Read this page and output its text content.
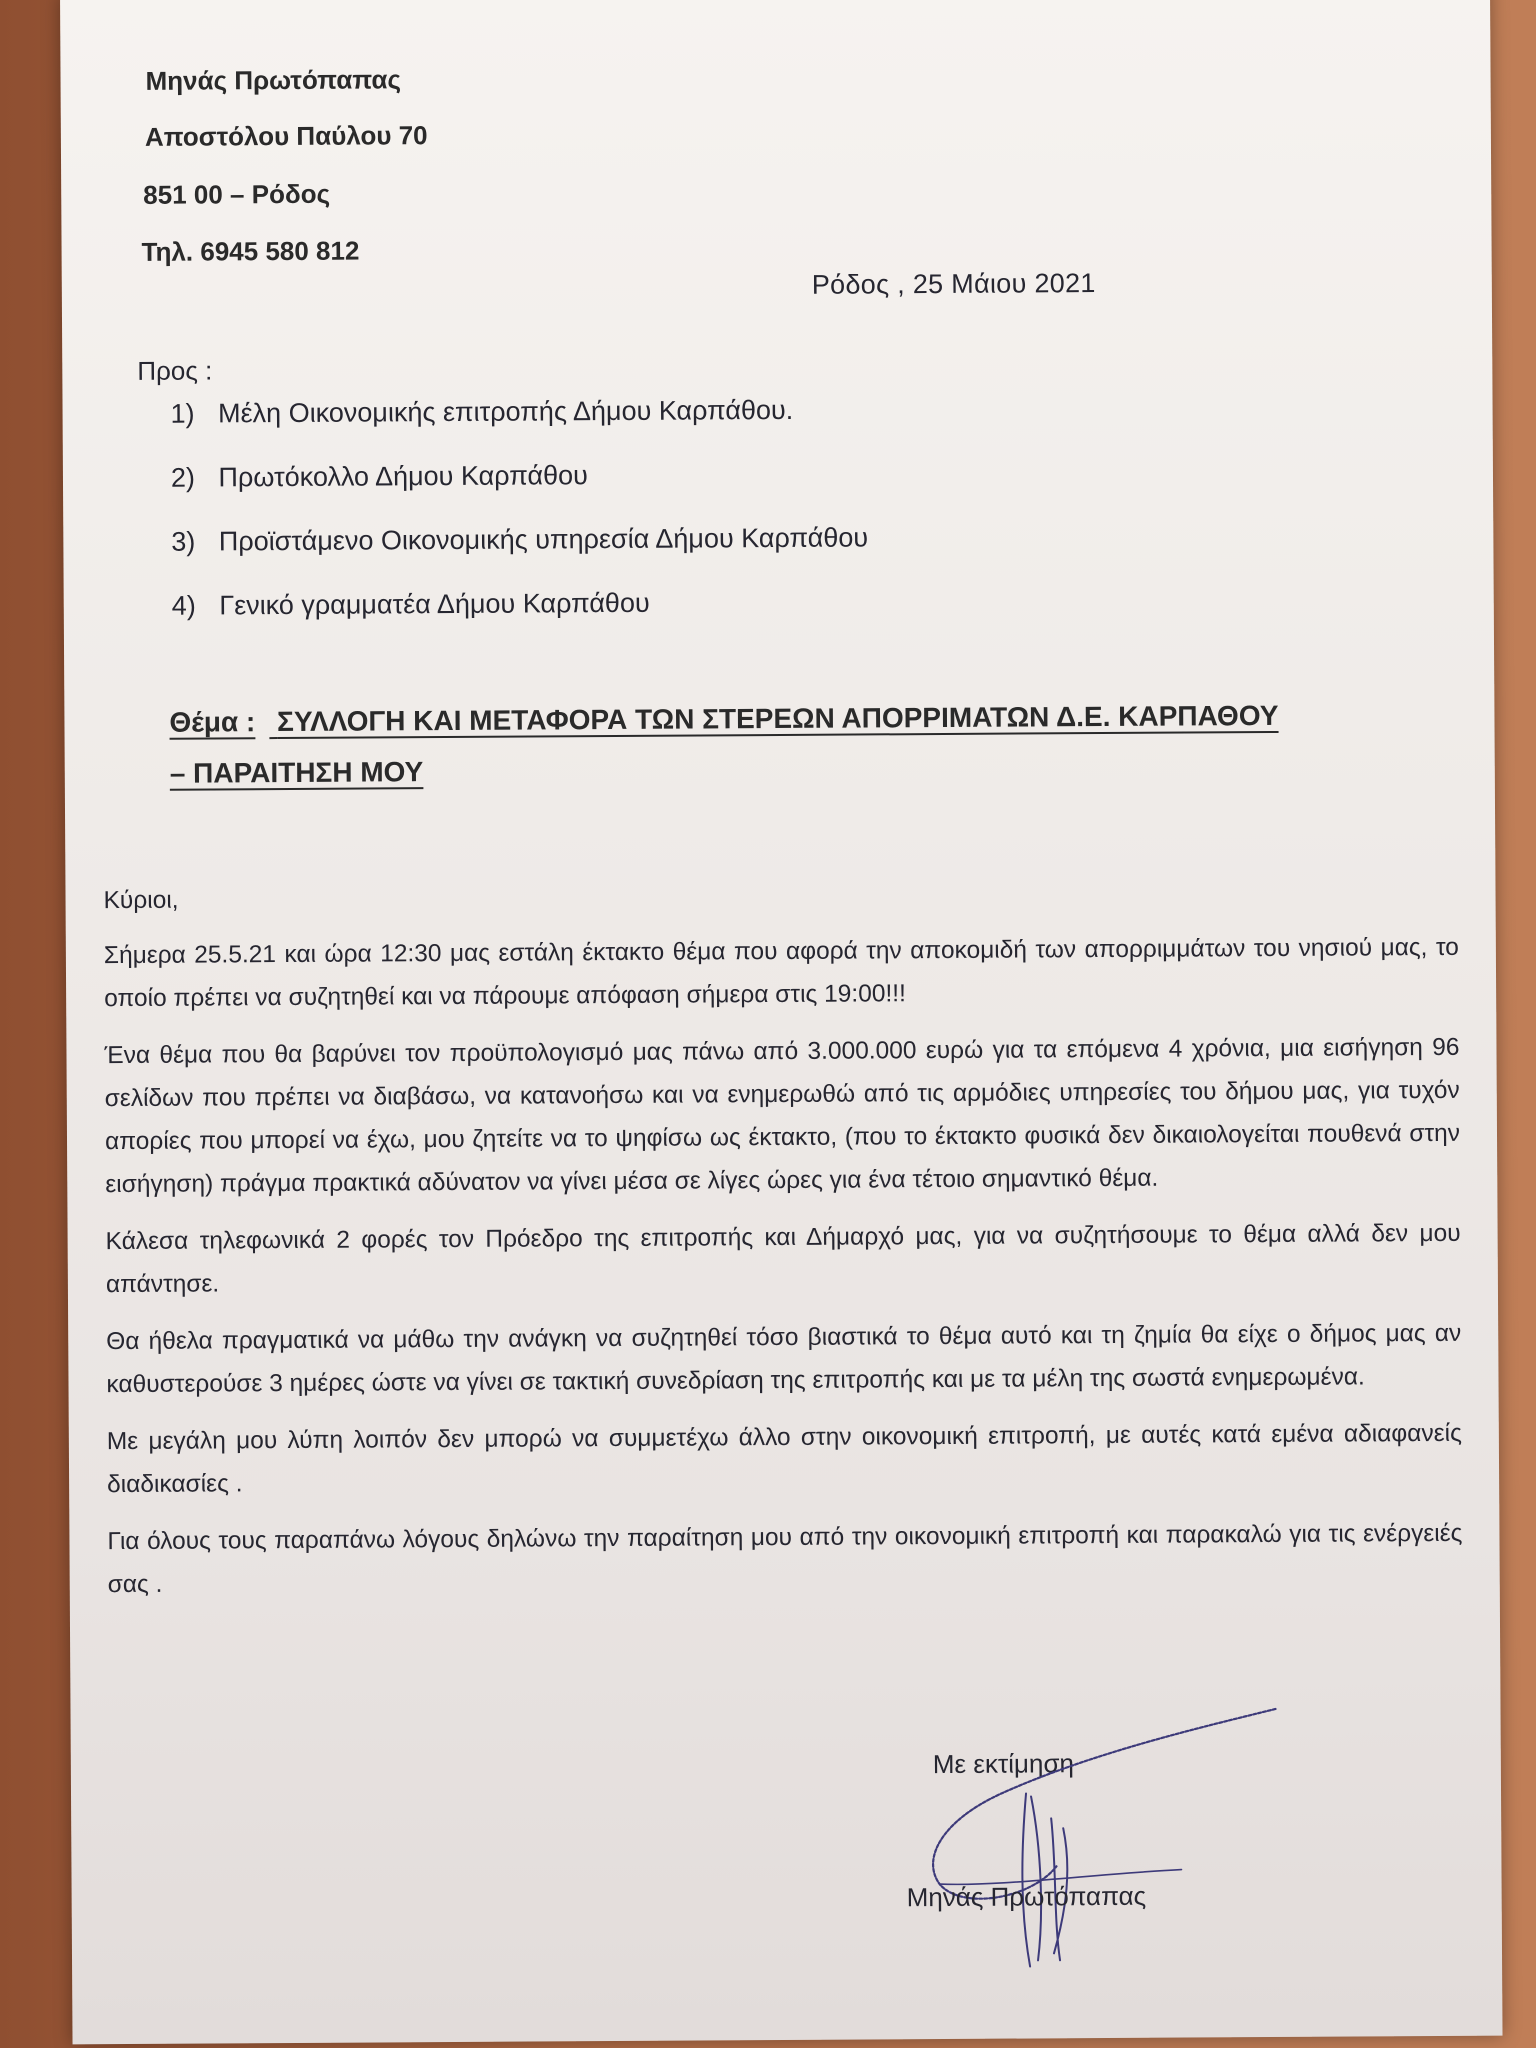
Μηνάς Πρωτόπαπας
Αποστόλου Παύλου 70
851 00 – Ρόδος
Τηλ. 6945 580 812
Ρόδος , 25 Μάιου 2021
Προς :
1) Μέλη Οικονομικής επιτροπής Δήμου Καρπάθου.
2) Πρωτόκολλο Δήμου Καρπάθου
3) Προϊστάμενο Οικονομικής υπηρεσία Δήμου Καρπάθου
4) Γενικό γραμματέα Δήμου Καρπάθου
Θέμα : ΣΥΛΛΟΓΗ ΚΑΙ ΜΕΤΑΦΟΡΑ ΤΩΝ ΣΤΕΡΕΩΝ ΑΠΟΡΡΙΜΑΤΩΝ Δ.Ε. ΚΑΡΠΑΘΟΥ
– ΠΑΡΑΙΤΗΣΗ ΜΟΥ

Κύριοι,

Σήμερα 25.5.21 και ώρα 12:30 μας εστάλη έκτακτο θέμα που αφορά την αποκομιδή των απορριμμάτων του νησιού μας, το οποίο πρέπει να συζητηθεί και να πάρουμε απόφαση σήμερα στις 19:00!!!

Ένα θέμα που θα βαρύνει τον προϋπολογισμό μας πάνω από 3.000.000 ευρώ για τα επόμενα 4 χρόνια, μια εισήγηση 96 σελίδων που πρέπει να διαβάσω, να κατανοήσω και να ενημερωθώ από τις αρμόδιες υπηρεσίες του δήμου μας, για τυχόν απορίες που μπορεί να έχω, μου ζητείτε να το ψηφίσω ως έκτακτο, (που το έκτακτο φυσικά δεν δικαιολογείται πουθενά στην εισήγηση) πράγμα πρακτικά αδύνατον να γίνει μέσα σε λίγες ώρες για ένα τέτοιο σημαντικό θέμα.

Κάλεσα τηλεφωνικά 2 φορές τον Πρόεδρο της επιτροπής και Δήμαρχό μας, για να συζητήσουμε το θέμα αλλά δεν μου απάντησε.

Θα ήθελα πραγματικά να μάθω την ανάγκη να συζητηθεί τόσο βιαστικά το θέμα αυτό και τη ζημία θα είχε ο δήμος μας αν καθυστερούσε 3 ημέρες ώστε να γίνει σε τακτική συνεδρίαση της επιτροπής και με τα μέλη της σωστά ενημερωμένα.

Με μεγάλη μου λύπη λοιπόν δεν μπορώ να συμμετέχω άλλο στην οικονομική επιτροπή, με αυτές κατά εμένα αδιαφανείς διαδικασίες .

Για όλους τους παραπάνω λόγους δηλώνω την παραίτηση μου από την οικονομική επιτροπή και παρακαλώ για τις ενέργειές σας .

Με εκτίμηση
Μηνάς Πρωτόπαπας
